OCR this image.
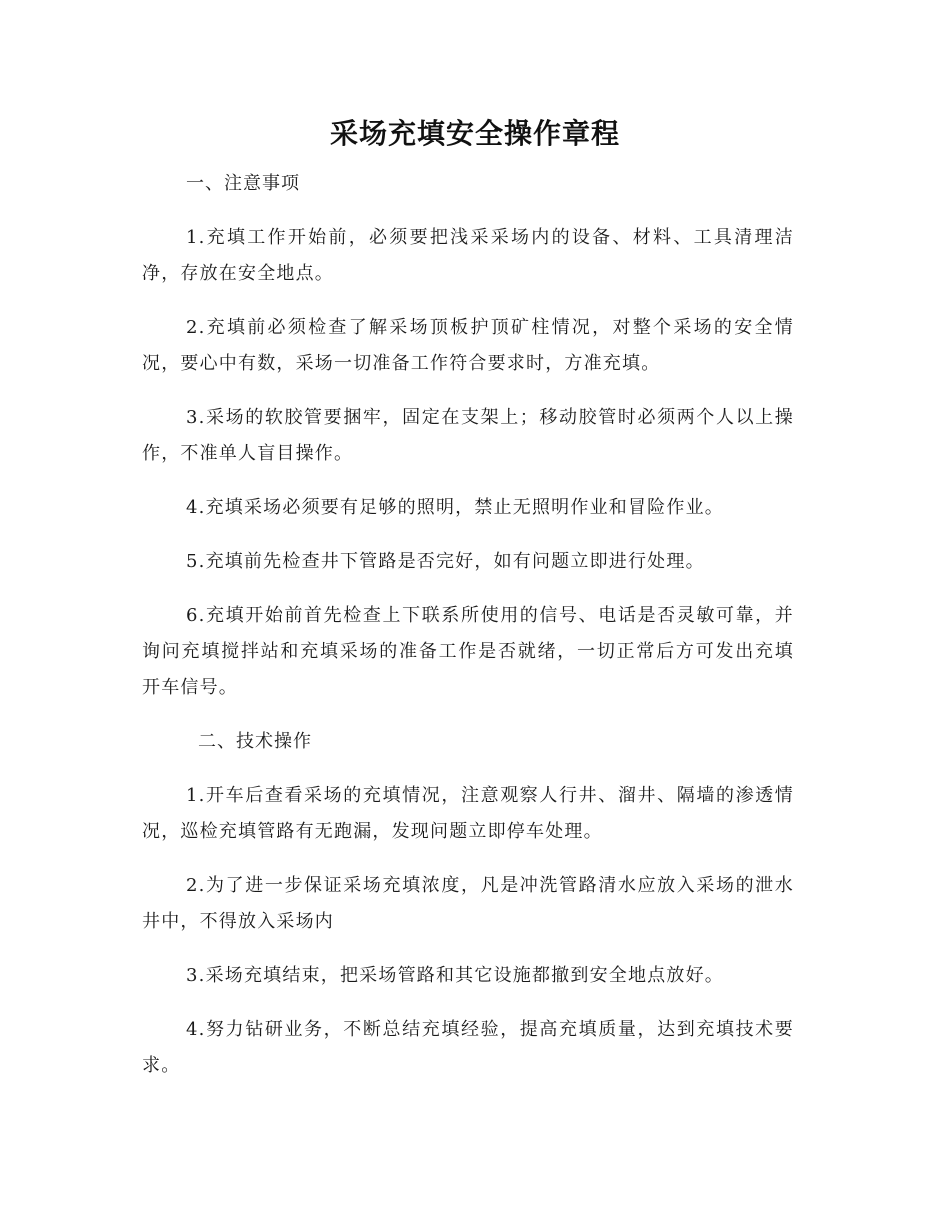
采场充填安全操作章程

一、注意事项

1.充填工作开始前，必须要把浅采采场内的设备、材料、工具清理洁净，存放在安全地点。

2.充填前必须检查了解采场顶板护顶矿柱情况，对整个采场的安全情况，要心中有数，采场一切准备工作符合要求时，方准充填。

3.采场的软胶管要捆牢，固定在支架上；移动胶管时必须两个人以上操作，不准单人盲目操作。

4.充填采场必须要有足够的照明，禁止无照明作业和冒险作业。

5.充填前先检查井下管路是否完好，如有问题立即进行处理。

6.充填开始前首先检查上下联系所使用的信号、电话是否灵敏可靠，并询问充填搅拌站和充填采场的准备工作是否就绪，一切正常后方可发出充填开车信号。

二、技术操作

1.开车后查看采场的充填情况，注意观察人行井、溜井、隔墙的渗透情况，巡检充填管路有无跑漏，发现问题立即停车处理。

2.为了进一步保证采场充填浓度，凡是冲洗管路清水应放入采场的泄水井中，不得放入采场内

3.采场充填结束，把采场管路和其它设施都撤到安全地点放好。

4.努力钻研业务，不断总结充填经验，提高充填质量，达到充填技术要求。
